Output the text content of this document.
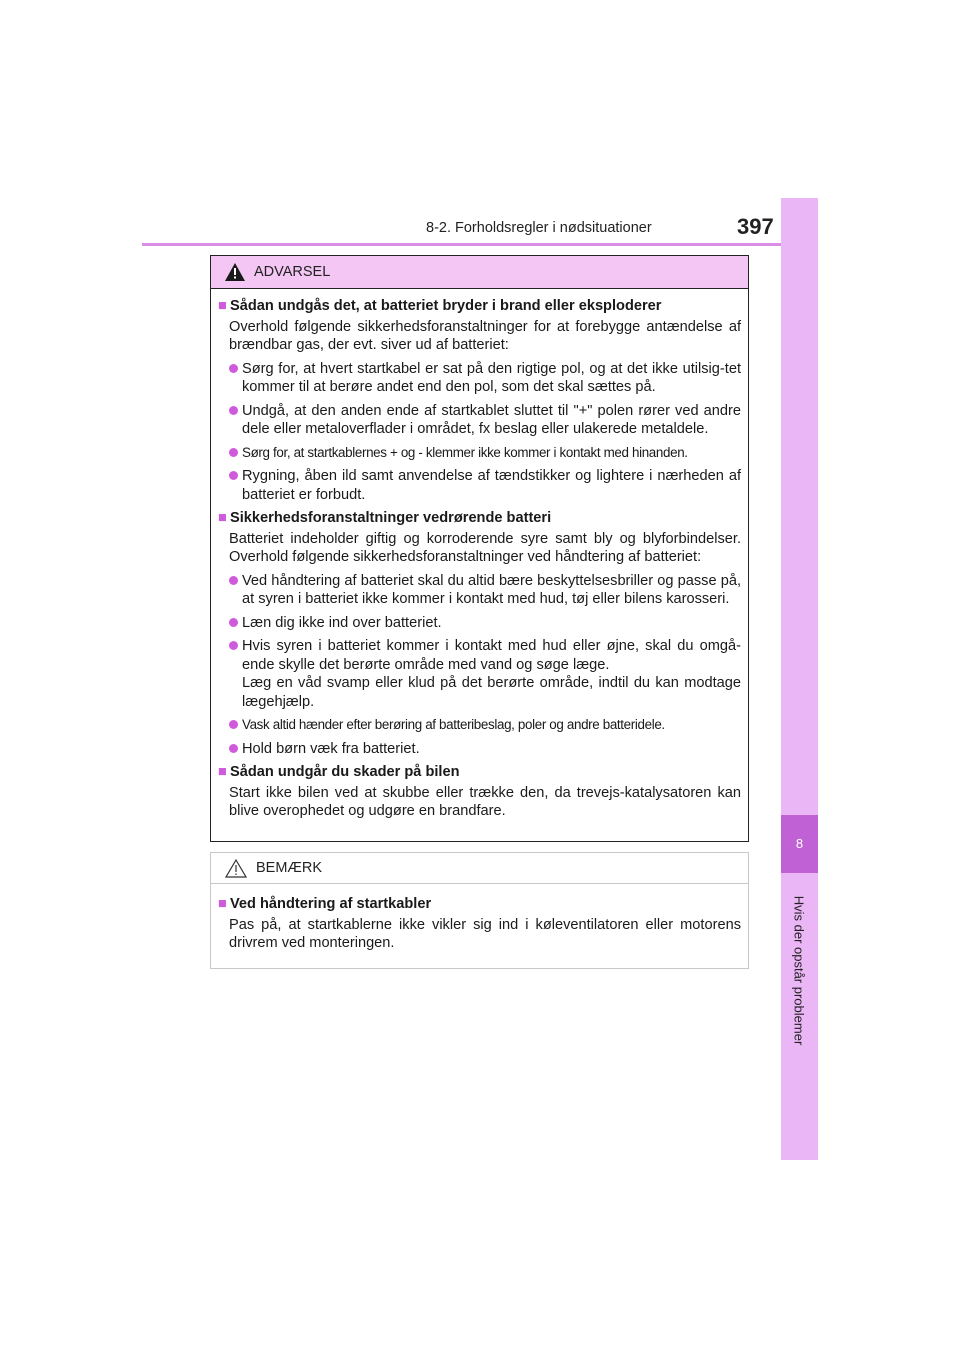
8-2. Forholdsregler i nødsituationer	397
8
Hvis der opstår problemer
ADVARSEL
■ Sådan undgås det, at batteriet bryder i brand eller eksploderer
Overhold følgende sikkerhedsforanstaltninger for at forebygge antændelse af brændbar gas, der evt. siver ud af batteriet:
Sørg for, at hvert startkabel er sat på den rigtige pol, og at det ikke utilsig-tet kommer til at berøre andet end den pol, som det skal sættes på.
Undgå, at den anden ende af startkablet sluttet til "+" polen rører ved andre dele eller metaloverflader i området, fx beslag eller ulakerede metaldele.
Sørg for, at startkablernes + og - klemmer ikke kommer i kontakt med hinanden.
Rygning, åben ild samt anvendelse af tændstikker og lightere i nærheden af batteriet er forbudt.
■ Sikkerhedsforanstaltninger vedrørende batteri
Batteriet indeholder giftig og korroderende syre samt bly og blyforbindelser. Overhold følgende sikkerhedsforanstaltninger ved håndtering af batteriet:
Ved håndtering af batteriet skal du altid bære beskyttelsesbriller og passe på, at syren i batteriet ikke kommer i kontakt med hud, tøj eller bilens karosseri.
Læn dig ikke ind over batteriet.
Hvis syren i batteriet kommer i kontakt med hud eller øjne, skal du omgå-ende skylle det berørte område med vand og søge læge.
Læg en våd svamp eller klud på det berørte område, indtil du kan modtage lægehjælp.
Vask altid hænder efter berøring af batteribeslag, poler og andre batteridele.
Hold børn væk fra batteriet.
■ Sådan undgår du skader på bilen
Start ikke bilen ved at skubbe eller trække den, da trevejs-katalysatoren kan blive overophedet og udgøre en brandfare.
BEMÆRK
■ Ved håndtering af startkabler
Pas på, at startkablerne ikke vikler sig ind i køleventilatoren eller motorens drivrem ved monteringen.
